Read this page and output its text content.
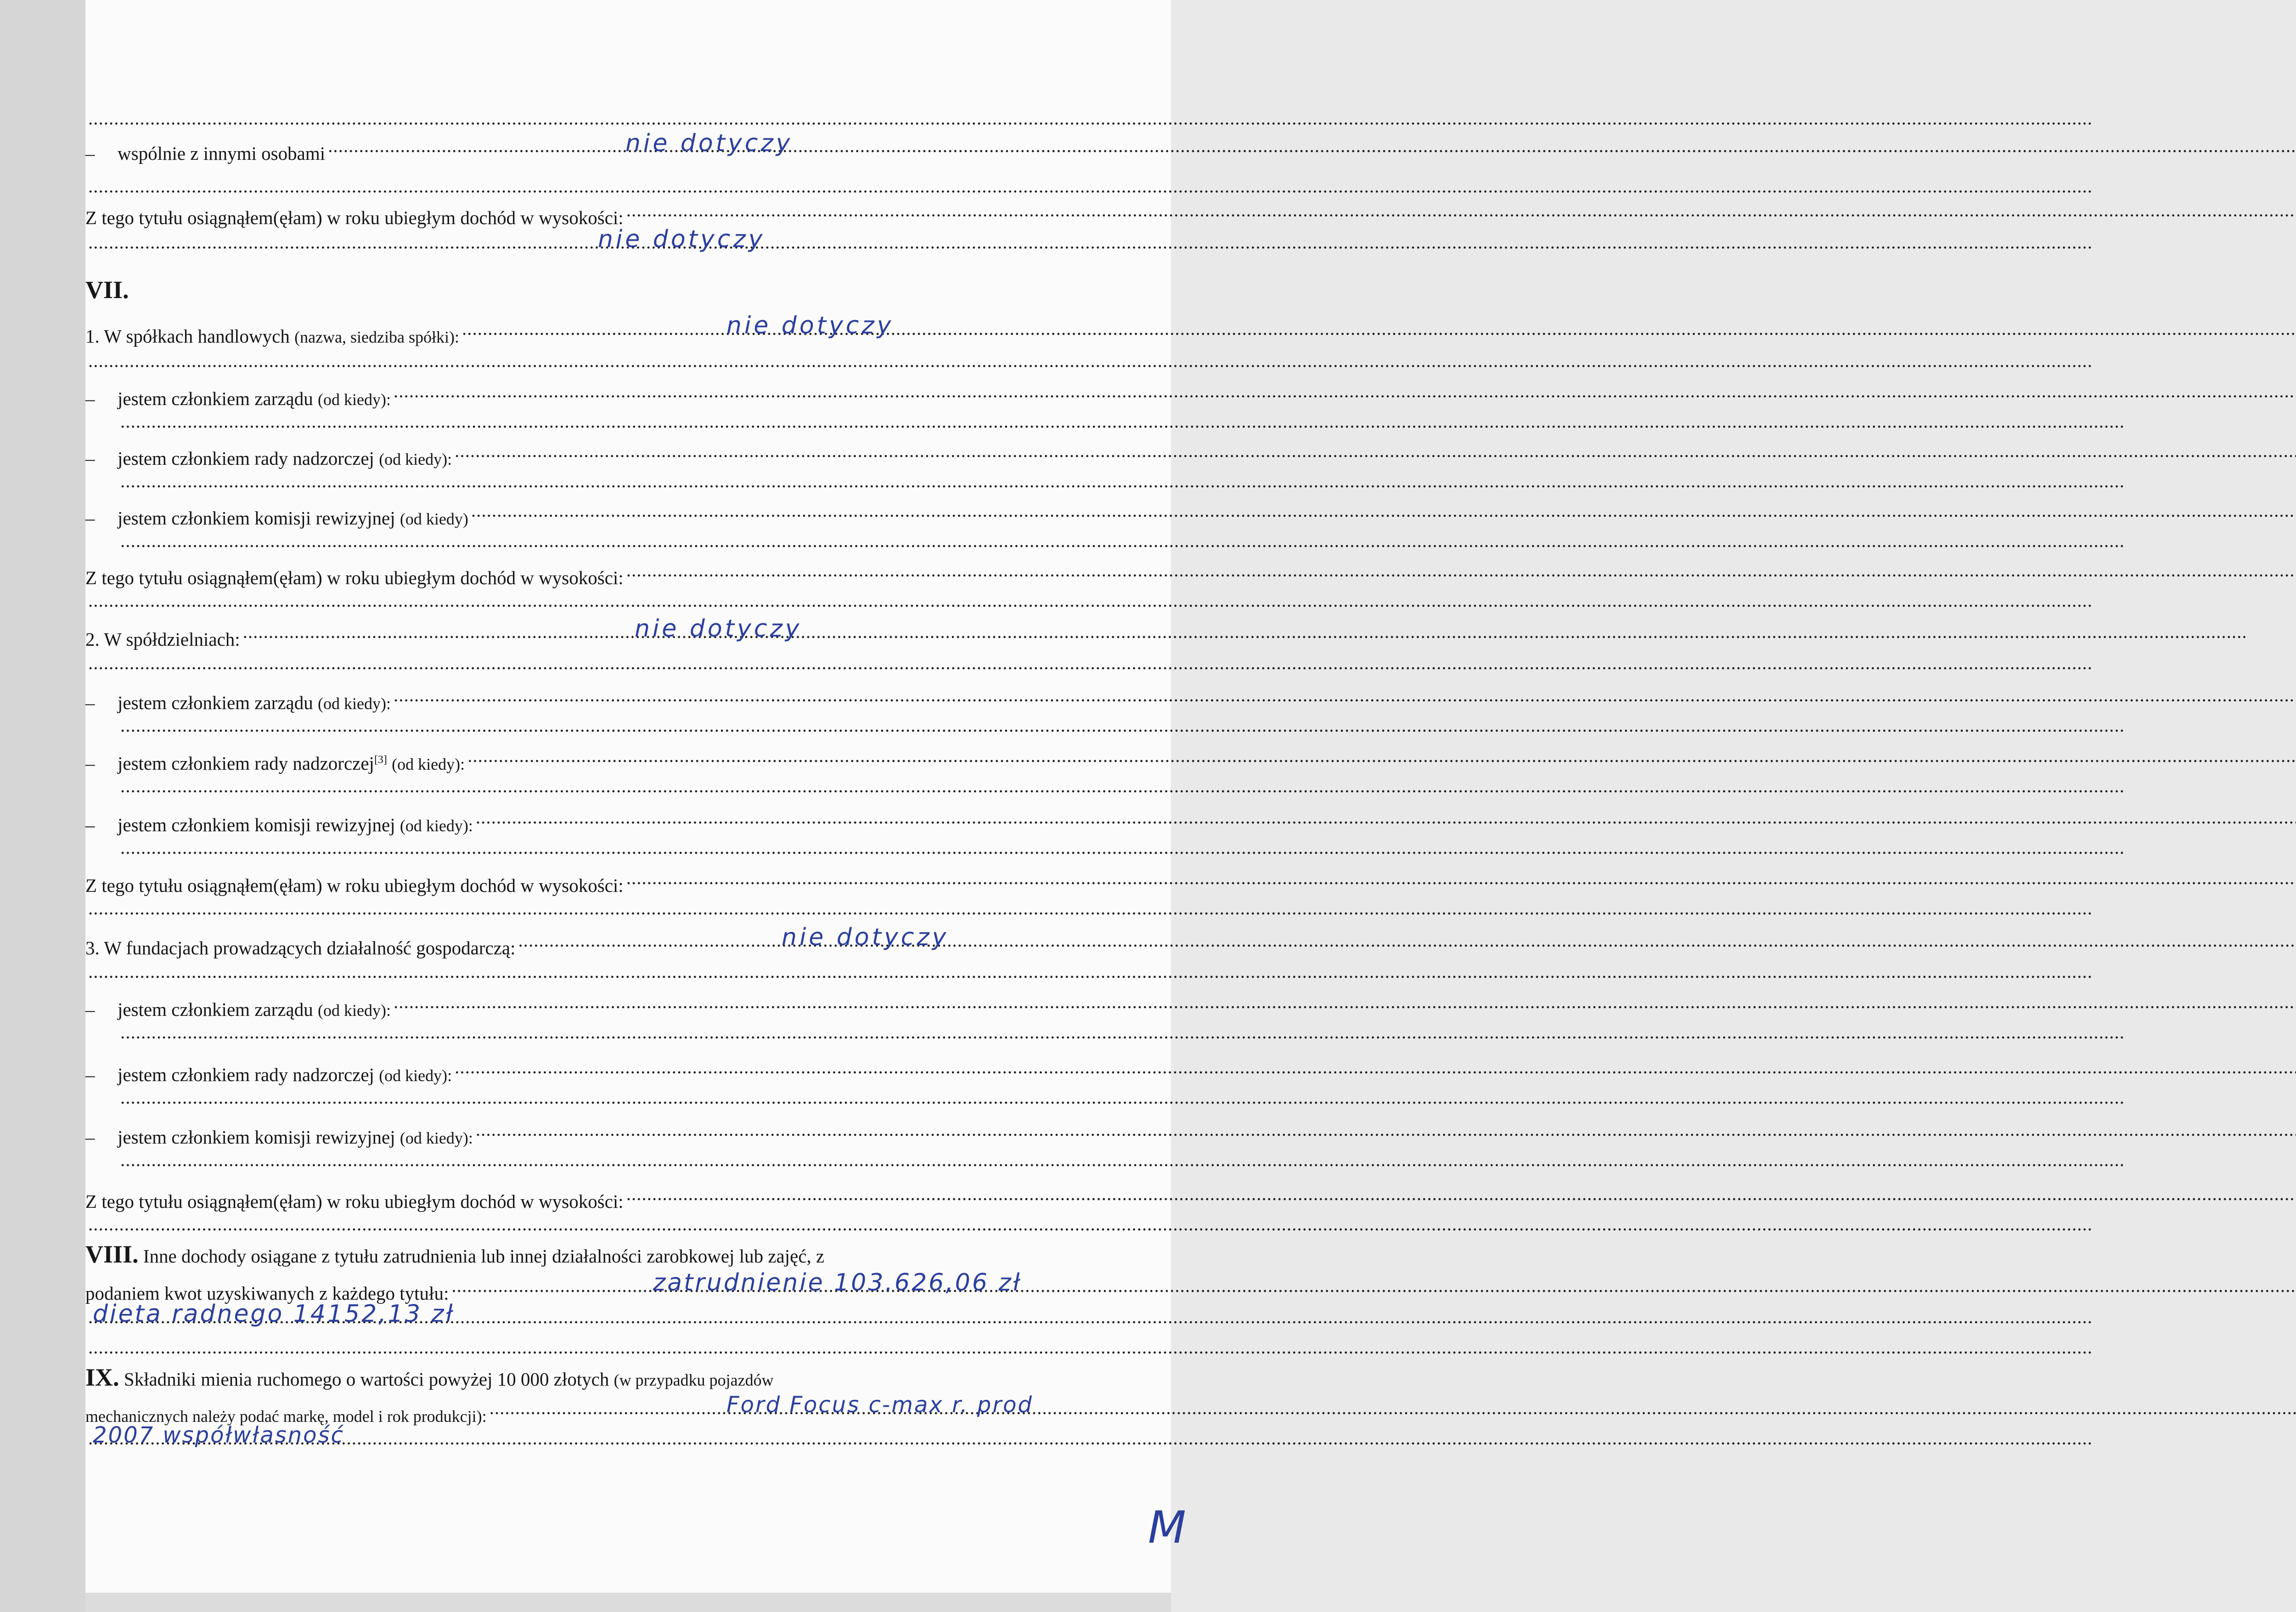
.....
– wspólnie z innymi osobami .....	nie dotyczy
.....
Z tego tytułu osiągnąłem(ęłam) w roku ubiegłym dochód w wysokości:
.....
.....
nie dotyczy
VII.
1. W spółkach handlowych (nazwa, siedziba spółki): .....	nie dotyczy
.....
– jestem członkiem zarządu (od kiedy):
.....
.....
– jestem członkiem rady nadzorczej (od kiedy):
.....
.....
– jestem członkiem komisji rewizyjnej (od kiedy)
.....
.....
Z tego tytułu osiągnąłem(ęłam) w roku ubiegłym dochód w wysokości:
.....
.....
2. W spółdzielniach: .....	nie dotyczy
.....
– jestem członkiem zarządu (od kiedy):
.....
.....
– jestem członkiem rady nadzorczej[3] (od kiedy):
.....
.....
– jestem członkiem komisji rewizyjnej (od kiedy):
.....
.....
Z tego tytułu osiągnąłem(ęłam) w roku ubiegłym dochód w wysokości:
.....
.....
3. W fundacjach prowadzących działalność gospodarczą: .....	nie dotyczy
.....
– jestem członkiem zarządu (od kiedy):
.....
.....
– jestem członkiem rady nadzorczej (od kiedy):
.....
.....
– jestem członkiem komisji rewizyjnej (od kiedy):
.....
.....
Z tego tytułu osiągnąłem(ęłam) w roku ubiegłym dochód w wysokości:
.....
.....
VIII. Inne dochody osiągane z tytułu zatrudnienia lub innej działalności zarobkowej lub zajęć, z
podaniem kwot uzyskiwanych z każdego tytułu: .....	zatrudnienie 103.626,06 zł
.....
dieta radnego 14152,13 zł
.....
IX. Składniki mienia ruchomego o wartości powyżej 10 000 złotych (w przypadku pojazdów
mechanicznych należy podać markę, model i rok produkcji): .....	Ford Focus c-max r. prod
.....
2007 współwłasność
M
